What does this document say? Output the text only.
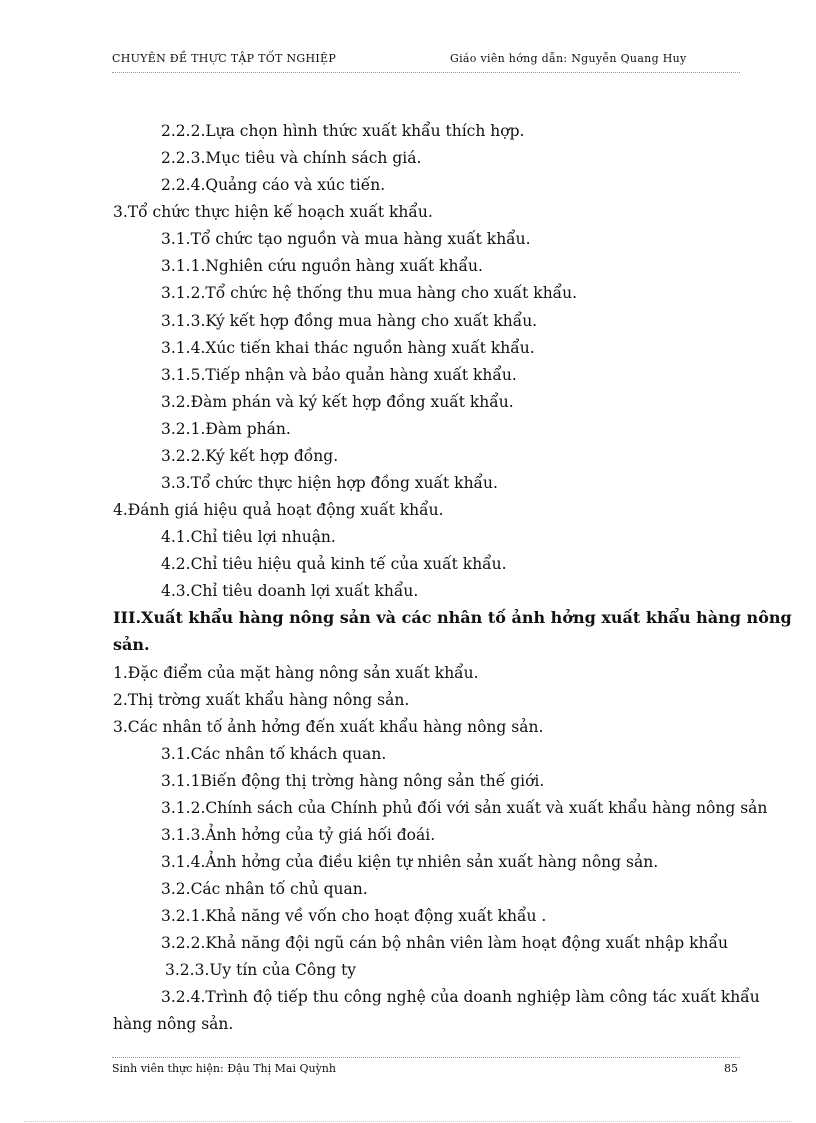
CHUYÊN ĐỀ THỰC TẬP TỐT NGHIỆP	Giáo viên hớng dẫn: Nguyễn Quang Huy
2.2.2.Lựa chọn hình thức xuất khẩu thích hợp.
2.2.3.Mục tiêu và chính sách giá.
2.2.4.Quảng cáo và xúc tiến.
3.Tổ chức thực hiện kế hoạch xuất khẩu.
3.1.Tổ chức tạo nguồn và mua hàng xuất khẩu.
3.1.1.Nghiên cứu nguồn hàng xuất khẩu.
3.1.2.Tổ chức hệ thống thu mua hàng cho xuất khẩu.
3.1.3.Ký kết hợp đồng mua hàng cho xuất khẩu.
3.1.4.Xúc tiến khai thác nguồn hàng xuất khẩu.
3.1.5.Tiếp nhận và bảo quản hàng xuất khẩu.
3.2.Đàm phán và ký kết hợp đồng xuất khẩu.
3.2.1.Đàm phán.
3.2.2.Ký kết hợp đồng.
3.3.Tổ chức thực hiện hợp đồng xuất khẩu.
4.Đánh giá hiệu quả hoạt động xuất khẩu.
4.1.Chỉ tiêu lợi nhuận.
4.2.Chỉ tiêu hiệu quả kinh tế của xuất khẩu.
4.3.Chỉ tiêu doanh lợi xuất khẩu.
III.Xuất khẩu hàng nông sản và các nhân tố ảnh hởng xuất khẩu hàng nông
sản.
1.Đặc điểm của mặt hàng nông sản xuất khẩu.
2.Thị trờng xuất khẩu hàng nông sản.
3.Các nhân tố ảnh hởng đến xuất khẩu hàng nông sản.
3.1.Các nhân tố khách quan.
3.1.1Biến động thị trờng hàng nông sản thế giới.
3.1.2.Chính sách của Chính phủ đối với sản xuất và xuất khẩu hàng nông sản
3.1.3.Ảnh hởng của tỷ giá hối đoái.
3.1.4.Ảnh hởng của điều kiện tự nhiên sản xuất hàng nông sản.
3.2.Các nhân tố chủ quan.
3.2.1.Khả năng về vốn cho hoạt động xuất khẩu .
3.2.2.Khả năng đội ngũ cán bộ nhân viên làm hoạt động xuất nhập khẩu
3.2.3.Uy tín của Công ty
3.2.4.Trình độ tiếp thu công nghệ của doanh nghiệp làm công tác xuất khẩu
hàng nông sản.
Sinh viên thực hiện: Đậu Thị Mai Quỳnh	85
